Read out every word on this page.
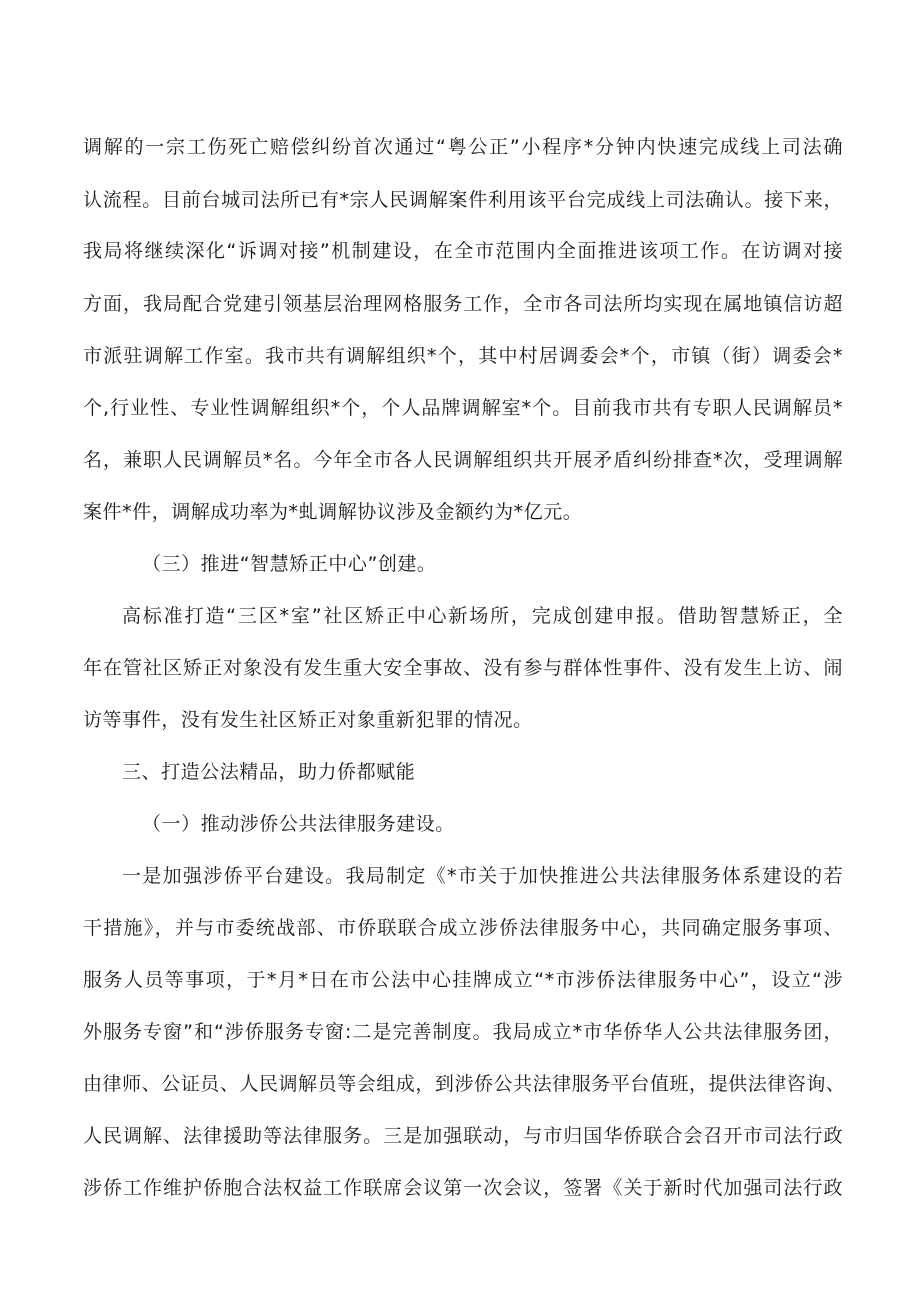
调解的一宗工伤死亡赔偿纠纷首次通过“粤公正”小程序*分钟内快速完成线上司法确
认流程。目前台城司法所已有*宗人民调解案件利用该平台完成线上司法确认。接下来，
我局将继续深化“诉调对接”机制建设，在全市范围内全面推进该项工作。在访调对接
方面，我局配合党建引领基层治理网格服务工作，全市各司法所均实现在属地镇信访超
市派驻调解工作室。我市共有调解组织*个，其中村居调委会*个，市镇（街）调委会*
个,行业性、专业性调解组织*个，个人品牌调解室*个。目前我市共有专职人民调解员*
名，兼职人民调解员*名。今年全市各人民调解组织共开展矛盾纠纷排查*次，受理调解
案件*件，调解成功率为*虬调解协议涉及金额约为*亿元。
（三）推进“智慧矫正中心”创建。
高标准打造“三区*室”社区矫正中心新场所，完成创建申报。借助智慧矫正，全
年在管社区矫正对象没有发生重大安全事故、没有参与群体性事件、没有发生上访、闹
访等事件，没有发生社区矫正对象重新犯罪的情况。
三、打造公法精品，助力侨都赋能
（一）推动涉侨公共法律服务建设。
一是加强涉侨平台建设。我局制定《*市关于加快推进公共法律服务体系建设的若
干措施》，并与市委统战部、市侨联联合成立涉侨法律服务中心，共同确定服务事项、
服务人员等事项，于*月*日在市公法中心挂牌成立“*市涉侨法律服务中心”，设立“涉
外服务专窗”和“涉侨服务专窗:二是完善制度。我局成立*市华侨华人公共法律服务团，
由律师、公证员、人民调解员等会组成，到涉侨公共法律服务平台值班，提供法律咨询、
人民调解、法律援助等法律服务。三是加强联动，与市归国华侨联合会召开市司法行政
涉侨工作维护侨胞合法权益工作联席会议第一次会议，签署《关于新时代加强司法行政
